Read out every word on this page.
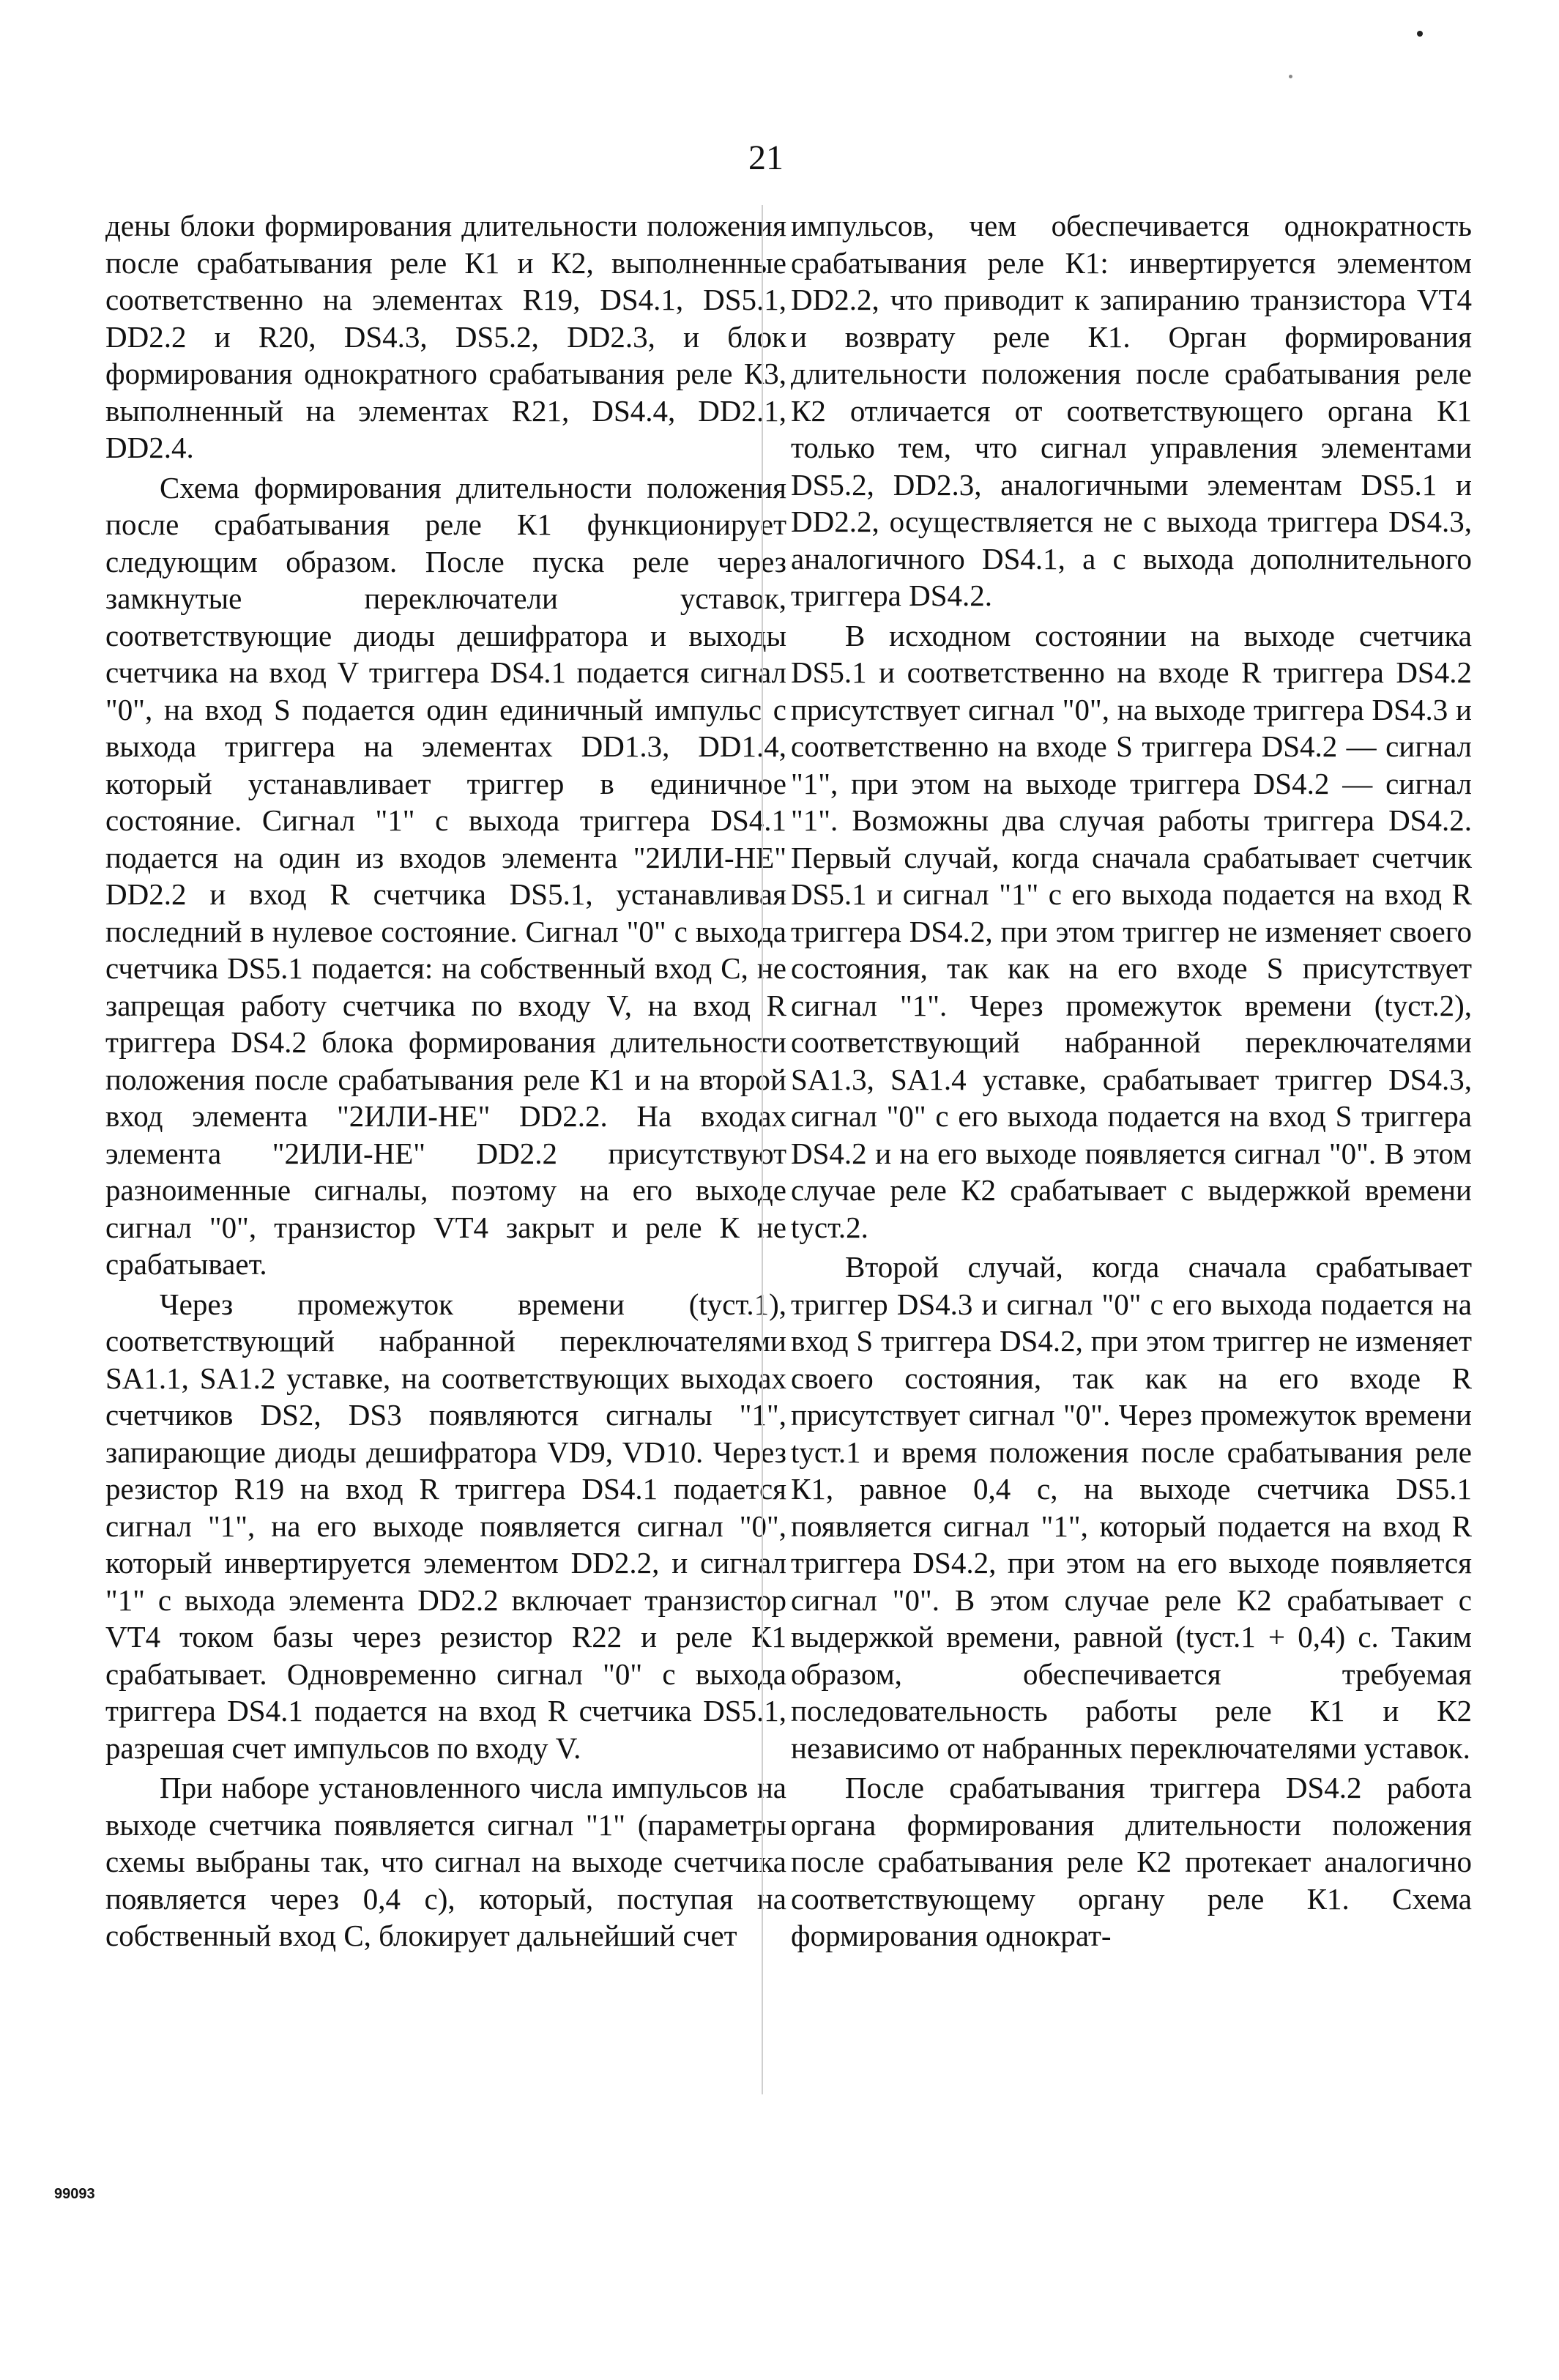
21

дены блоки формирования длительности положения после срабатывания реле К1 и К2, выполненные соответственно на элементах R19, DS4.1, DS5.1, DD2.2 и R20, DS4.3, DS5.2, DD2.3, и блок формирования однократного срабатывания реле К3, выполненный на элементах R21, DS4.4, DD2.1, DD2.4.

Схема формирования длительности положения после срабатывания реле К1 функционирует следующим образом. После пуска реле через замкнутые переключатели уставок, соответствующие диоды дешифратора и выходы счетчика на вход V триггера DS4.1 подается сигнал "0", на вход S подается один единичный импульс с выхода триггера на элементах DD1.3, DD1.4, который устанавливает триггер в единичное состояние. Сигнал "1" с выхода триггера DS4.1 подается на один из входов элемента "2ИЛИ-НЕ" DD2.2 и вход R счетчика DS5.1, устанавливая последний в нулевое состояние. Сигнал "0" с выхода счетчика DS5.1 подается: на собственный вход С, не запрещая работу счетчика по входу V, на вход R триггера DS4.2 блока формирования длительности положения после срабатывания реле К1 и на второй вход элемента "2ИЛИ-НЕ" DD2.2. На входах элемента "2ИЛИ-НЕ" DD2.2 присутствуют разноименные сигналы, поэтому на его выходе сигнал "0", транзистор VT4 закрыт и реле К не срабатывает.

Через промежуток времени (tуст.1), соответствующий набранной переключателями SA1.1, SA1.2 уставке, на соответствующих выходах счетчиков DS2, DS3 появляются сигналы "1", запирающие диоды дешифратора VD9, VD10. Через резистор R19 на вход R триггера DS4.1 подается сигнал "1", на его выходе появляется сигнал "0", который инвертируется элементом DD2.2, и сигнал "1" с выхода элемента DD2.2 включает транзистор VT4 током базы через резистор R22 и реле К1 срабатывает. Одновременно сигнал "0" с выхода триггера DS4.1 подается на вход R счетчика DS5.1, разрешая счет импульсов по входу V.

При наборе установленного числа импульсов на выходе счетчика появляется сигнал "1" (параметры схемы выбраны так, что сигнал на выходе счетчика появляется через 0,4 с), который, поступая на собственный вход С, блокирует дальнейший счет

импульсов, чем обеспечивается однократность срабатывания реле К1: инвертируется элементом DD2.2, что приводит к запиранию транзистора VT4 и возврату реле К1. Орган формирования длительности положения после срабатывания реле К2 отличается от соответствующего органа К1 только тем, что сигнал управления элементами DS5.2, DD2.3, аналогичными элементам DS5.1 и DD2.2, осуществляется не с выхода триггера DS4.3, аналогичного DS4.1, а с выхода дополнительного триггера DS4.2.

В исходном состоянии на выходе счетчика DS5.1 и соответственно на входе R триггера DS4.2 присутствует сигнал "0", на выходе триггера DS4.3 и соответственно на входе S триггера DS4.2 — сигнал "1", при этом на выходе триггера DS4.2 — сигнал "1". Возможны два случая работы триггера DS4.2. Первый случай, когда сначала срабатывает счетчик DS5.1 и сигнал "1" с его выхода подается на вход R триггера DS4.2, при этом триггер не изменяет своего состояния, так как на его входе S присутствует сигнал "1". Через промежуток времени (tуст.2), соответствующий набранной переключателями SA1.3, SA1.4 уставке, срабатывает триггер DS4.3, сигнал "0" с его выхода подается на вход S триггера DS4.2 и на его выходе появляется сигнал "0". В этом случае реле К2 срабатывает с выдержкой времени tуст.2.

Второй случай, когда сначала срабатывает триггер DS4.3 и сигнал "0" с его выхода подается на вход S триггера DS4.2, при этом триггер не изменяет своего состояния, так как на его входе R присутствует сигнал "0". Через промежуток времени tуст.1 и время положения после срабатывания реле К1, равное 0,4 с, на выходе счетчика DS5.1 появляется сигнал "1", который подается на вход R триггера DS4.2, при этом на его выходе появляется сигнал "0". В этом случае реле К2 срабатывает с выдержкой времени, равной (tуст.1 + 0,4) с. Таким образом, обеспечивается требуемая последовательность работы реле К1 и К2 независимо от набранных переключателями уставок.

После срабатывания триггера DS4.2 работа органа формирования длительности положения после срабатывания реле К2 протекает аналогично соответствующему органу реле К1. Схема формирования однократ-

99093
